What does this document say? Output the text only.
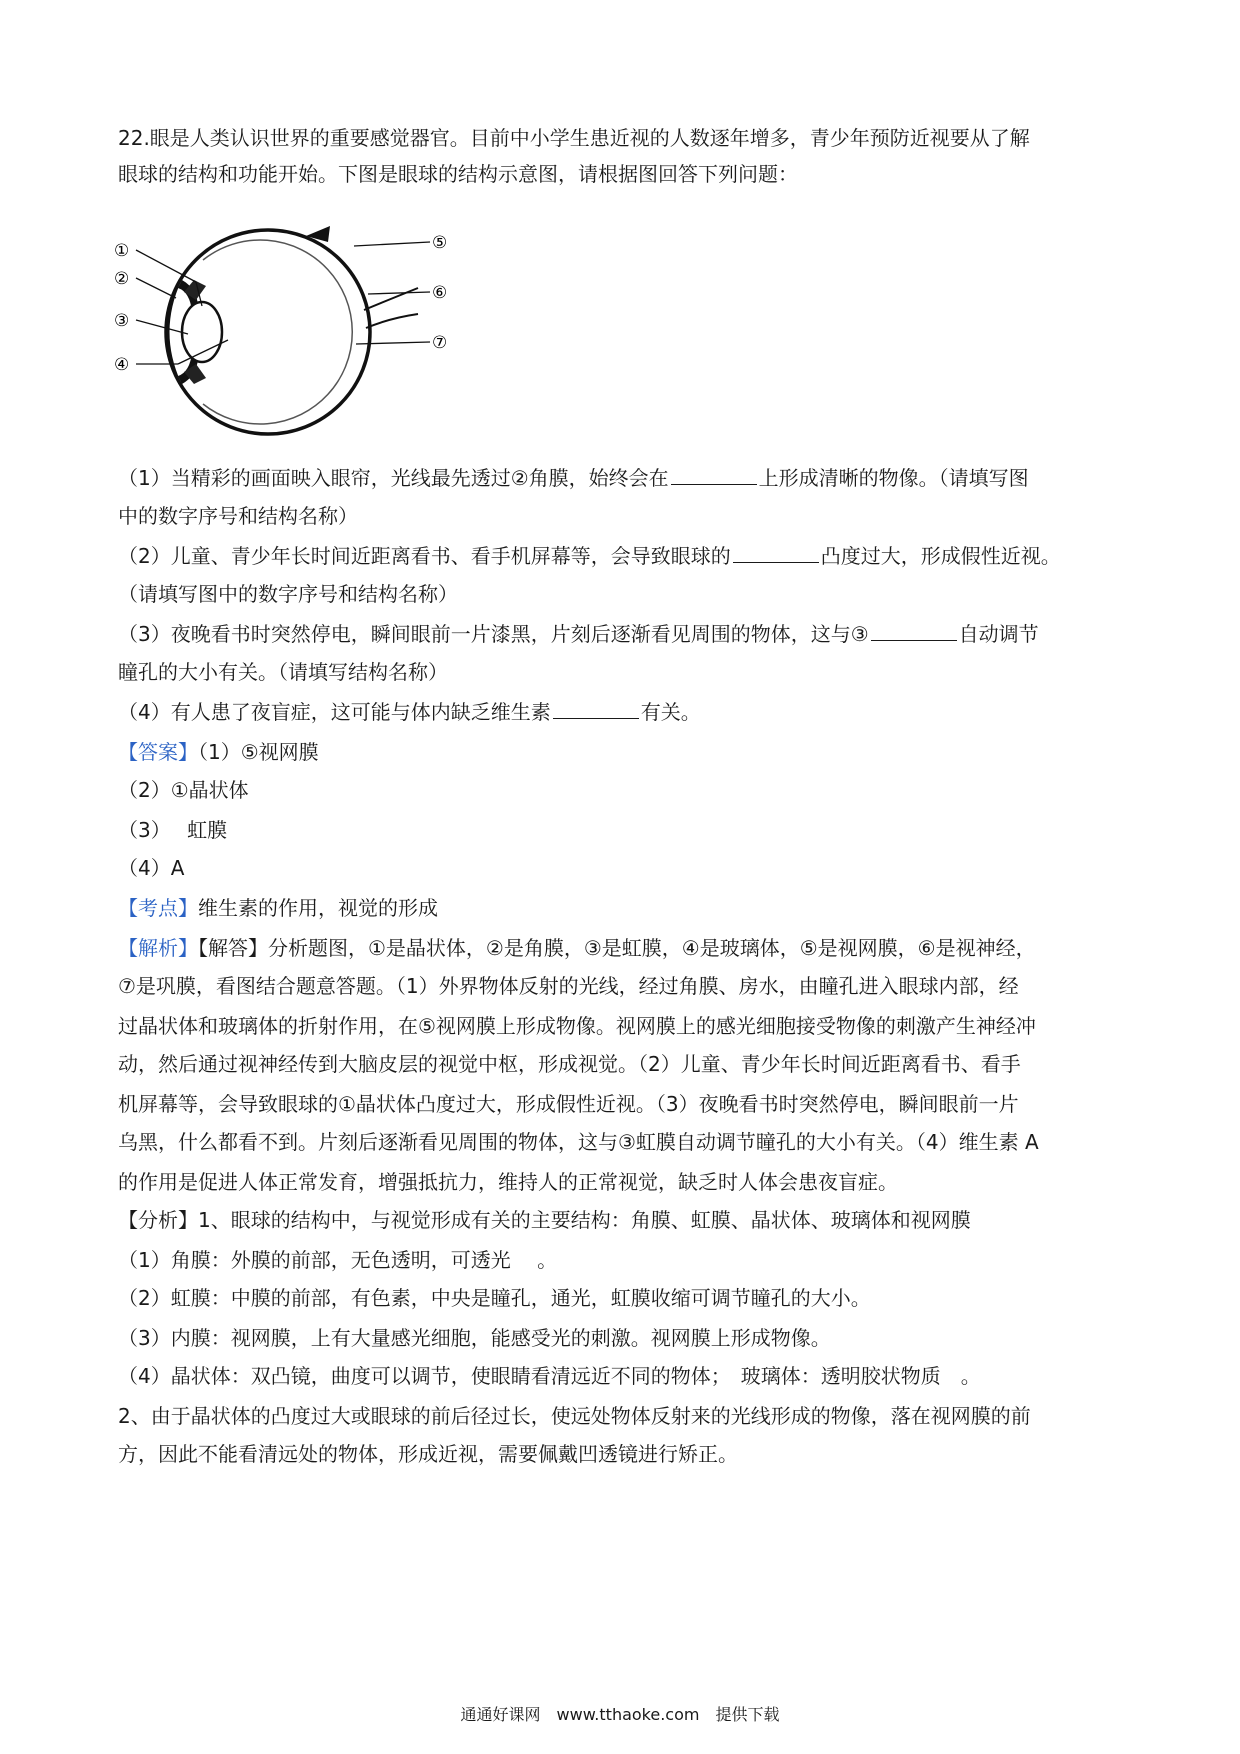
22.眼是人类认识世界的重要感觉器官。目前中小学生患近视的人数逐年增多，青少年预防近视要从了解
眼球的结构和功能开始。下图是眼球的结构示意图，请根据图回答下列问题：
①
②
③
④
⑤
⑥
⑦
（1）当精彩的画面映入眼帘，光线最先透过②角膜，始终会在	上形成清晰的物像。（请填写图
中的数字序号和结构名称）
（2）儿童、青少年长时间近距离看书、看手机屏幕等，会导致眼球的	凸度过大，形成假性近视。
（请填写图中的数字序号和结构名称）
（3）夜晚看书时突然停电，瞬间眼前一片漆黑，片刻后逐渐看见周围的物体，这与③	自动调节
瞳孔的大小有关。（请填写结构名称）
（4）有人患了夜盲症，这可能与体内缺乏维生素	有关。
【答案】（1）⑤视网膜
（2）①晶状体
（3）　 虹膜
（4）A
【考点】维生素的作用，视觉的形成
【解析】【解答】分析题图，①是晶状体，②是角膜，③是虹膜，④是玻璃体，⑤是视网膜，⑥是视神经，
⑦是巩膜，看图结合题意答题。（1）外界物体反射的光线，经过角膜、房水，由瞳孔进入眼球内部，经
过晶状体和玻璃体的折射作用，在⑤视网膜上形成物像。视网膜上的感光细胞接受物像的刺激产生神经冲
动，然后通过视神经传到大脑皮层的视觉中枢，形成视觉。（2）儿童、青少年长时间近距离看书、看手
机屏幕等，会导致眼球的①晶状体凸度过大，形成假性近视。（3）夜晚看书时突然停电，瞬间眼前一片
乌黑，什么都看不到。片刻后逐渐看见周围的物体，这与③虹膜自动调节瞳孔的大小有关。（4）维生素 A
的作用是促进人体正常发育，增强抵抗力，维持人的正常视觉，缺乏时人体会患夜盲症。
【分析】1、眼球的结构中，与视觉形成有关的主要结构：角膜、虹膜、晶状体、玻璃体和视网膜
（1）角膜：外膜的前部，无色透明，可透光　 。
（2）虹膜：中膜的前部，有色素，中央是瞳孔，通光，虹膜收缩可调节瞳孔的大小。
（3）内膜：视网膜，上有大量感光细胞，能感受光的刺激。视网膜上形成物像。
（4）晶状体：双凸镜，曲度可以调节，使眼睛看清远近不同的物体；　玻璃体：透明胶状物质　。
2、由于晶状体的凸度过大或眼球的前后径过长，使远处物体反射来的光线形成的物像，落在视网膜的前
方，因此不能看清远处的物体，形成近视，需要佩戴凹透镜进行矫正。
通通好课网　www.tthaoke.com　提供下载
